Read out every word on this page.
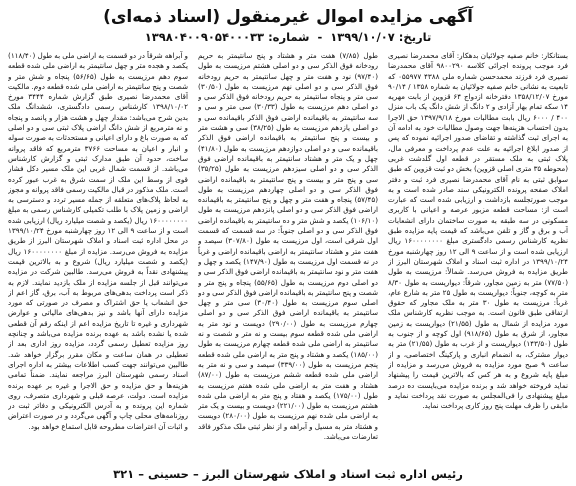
آگهی مزایده اموال غیرمنقول (اسناد ذمه‌ای)
تاریخ: ۱۳۹۹/۱۰/۰۷ - شماره: ۱۳۹۸۰۴۰۰۹۰۵۴۰۰۰۳۳
بستانکار: خانم صفیه جولائیان بدهکار: آقای محمدرضا نصیری فرد موجب پرونده اجرائی کلاسه ۹۸۰۰۲۹۰ آقای محمدرضا نصیری فرد فرزند محمدحسن شماره ملی ۴۳۸۸ ۰۵۵۹۷۷ که تابعیت به نشانی خانم صفیه جولائیان به شماره ۱۳۵۸ / ۹۰/۱۴ مورخ ۱۳۵۸/۱۲/۰۷ دفترخانه ازدواج ۶۴ قزوین از بابت مهریه ۱۴ سکه تمام بهار آزادی و ۲ دانگ از شش دانگ یک باب منزل ۴۰۰ / ۶۰۰۰ ریال بابت مطالبات مورخ ۱۳۹۷/۹/۱۸ حق الاجرا بدون احتساب هزینه‌ها جهت وصول مطالبات خود به ادامه آن به اجرای ثبت گذاشته و تقاضای صدور اجرائیه نموده که پس از صدور ابلاغ اجرائیه به علت عدم پرداخت و معرفی مال، پلاک ثبتی به ملک مستقر در قطعه اول گلدشت غربی (محوطه ۳۵ متری اصلی قزوین) بخش دو ثبت قزوین که طبق سوابق ثبتی به نام آقای محمدرضا نصیری فرد ثبت و دفتر املاک صفحه پرونده الکترونیکی سند صادر شده است و به موجب صورتجلسه بازداشت و ارزیابی شده است که عبارت است از: مساحت قطعه مزبور عرصه و اعیانی با کاربری مسکونی در سه طبقه به صورت ساختمان دارای انشعابات آب و برق و گاز و تلفن می‌باشد که قیمت پایه مزایده طبق نظریه کارشناس رسمی دادگستری مبلغ ۱۶۰۰۰۰۰۰۰۰ ریال ارزیابی شده است و از ساعت ۹ الی ۱۲ روز چهارشنبه مورخ ۱۳۹۹/۱۰/۲۴ در اداره ثبت اسناد و املاک شهرستان البرز از طریق مزایده به فروش می‌رسد. شمالاً: مرزیست به طول (۷۷/۵۰) متر به زمین مجاور، شرقاً: دیواریست به طول ۸/۳۰ متر به کوچه، جنوباً: دیواریست به طول ۲۵ متر به شارع عام، غرباً: مرزیست به طول ۳۰ متر به ملک مجاور که حقوق ارتفاقی طبق قانون است. به موجب نظریه کارشناس ملک مورد مزایده از شمال به طول (۲۱/۵۵) دیواریست به زمین مجاور، از شرق به طول (۹۱۸/۶۵) اول کوچه و از جنوب به طول (۱۴۳/۵۰) دیواریست و از غرب به طول (۲۱/۵۵) متر به دیوار مشترک، به انضمام انباری و پارکینگ اختصاصی، و از ساعت ۹ صبح مورد مزایده به فروش می‌رسد و مزایده از مبلغ پایه شروع و به هر کس که بالاترین قیمت را پیشنهاد نماید فروخته خواهد شد و برنده مزایده می‌بایست ده درصد مبلغ پیشنهادی را فی‌المجلس به صورت نقد پرداخت نماید و مابقی را ظرف مهلت پنج روز کاری پرداخت نماید.
طول (۷/۸۵) هفت متر و هشتاد و پنج سانتیمتر به حریم رودخانه فوق الذکر سی و دو اصلی هشتم مرزیست به طول (۹۷/۴۰) نود و هفت متر و چهل سانتیمتر به حریم رودخانه فوق الذکر سی و دو اصلی نهم مرزیست به طول (۳۰/۵۰) سی متر و پنجاه سانتیمتر به حریم رودخانه فوق الذکر سی و دو اصلی دهم مرزیست به طول (۳۰/۳۳) سی متر و سی و سه سانتیمتر به باقیمانده اراضی فوق الذکر باقیمانده سی و دو اصلی یازدهم مرزیست به طول (۳۸/۲۵) سی و هشت متر و بیست و پنج سانتیمتر به باقیمانده اراضی فوق الذکر باقیمانده سی و دو اصلی دوازدهم مرزیست به طول (۴۱/۸۰) چهل و یک متر و هشتاد سانتیمتر به باقیمانده اراضی فوق الذکر سی و دو اصلی سیزدهم مرزیست به طول (۳۵/۲۵) سی و پنج متر و بیست و پنج سانتیمتر به باقیمانده اراضی فوق الذکر سی و دو اصلی چهاردهم مرزیست به طول (۵۷/۴۵) پنجاه و هفت متر و چهل و پنج سانتیمتر به باقیمانده اراضی فوق الذکر سی و دو اصلی پانزدهم مرزیست به طول (۱۰۶/۱۰) یکصد و شش متر و ده سانتیمتر به باقیمانده اراضی فوق الذکر سی و دو اصلی جنوباً: در سه قسمت که قسمت اول شرقی است، اول مرزیست به طول (۳۰۷/۸۰) سیصد و هفت متر و هشتاد سانتیمتر به اراضی باقیمانده اراضی و غرباً در نه قسمت اول مرزیست به طول (۱۴۷/۹۰) یکصد و چهل و هفت متر و نود سانتیمتر به باقیمانده اراضی فوق الذکر سی و دو اصلی دوم مرزیست به طول (۵۵/۶۵) پنجاه و پنج متر و شصت و پنج سانتیمتر به باقیمانده اراضی فوق الذکر سی و دو اصلی سوم مرزیست به طول (۳۰/۴۰) سی متر و چهل سانتیمتر به باقیمانده اراضی فوق الذکر سی و دو اصلی چهارم مرزیست به طول (۲۹۰/۰۰) دویست و نود متر به اراضی ملی شده قطعه سوم بیست و نه متر و شصت و نه سانتیمتر به اراضی ملی شده قطعه چهارم مرزیست به طول (۱۸۵/۰۰) یکصد و هشتاد و پنج متر به اراضی ملی شده قطعه پنجم مرزیست به طول (۳۳۹/۰۰) سیصد و سی و نه متر به اراضی ملی شده قطعه ششم مرزیست به طول (۸۷/۰۰) هشتاد و هفت متر به اراضی ملی شده هفتم مرزیست به طول (۱۷۵/۰۰) یکصد و هفتاد و پنج متر به اراضی ملی شده هشتم مرزیست به طول (۲۲۱/۰۰) دویست و بیست و یک متر به اراضی ملی شده نهم مرزیست به طول (۲۸۰/۰۰) دویست و هشتاد متر به مسیل و آبراهه و از نظر ثبتی ملک مذکور فاقد تعارضات می‌باشد.
و آبراهه شرقاً در دو قسمت به اراضی ملی به طول (۱۱۸/۴۰) یکصد و هجده متر و چهل سانتیمتر به اراضی ملی شده قطعه سوم دهم مرزیست به طول (۵۶/۶۵) پنجاه و شش متر و شصت و پنج سانتیمتر به اراضی ملی شده قطعه دوم. مالکیت آقای محمدرضا نصیری طبق گزارش شماره ۳۴۴۴ مورخ ۱۳۹۸/۱۰/۰۲ کارشناس رسمی دادگستری، ششدانگ ملک بدین شرح می‌باشد: مقدار چهل و هشت هزار و پانصد و پنجاه و نه مترمربع از شش دانگ اراضی پلاک ثبتی سی و دو اصلی که به صورت باغ و دارای اعیانی و مستحدثات به صورت سوله و انبار و اعیان به مساحت ۳۷۶۶ مترمربع که فاقد پروانه ساخت، حدود آن طبق مدارک ثبتی و گزارش کارشناس می‌باشد. از قسمت شمال غربی این ملک مسیر دکل فشار قوی از وسط این ملک از سمت شرق به غرب عبور کرده است. ملک مذکور در قبال مالکیت رسمی فاقد پروانه و مجوز به لحاظ پلاک‌های متعلقه از جمله مسیر تردد و دسترسی به اراضی و زمین پلاک با طلب تکمیلی کارشناس رسمی به مبلغ ۱۶۰۰۰۰۰۰۰۰ ریال (یکصد و شصت میلیارد ریال) ارزیابی شده است و از ساعت ۹ الی ۱۲ روز چهارشنبه مورخ ۱۳۹۹/۱۰/۲۴ در محل اداره ثبت اسناد و املاک شهرستان البرز از طریق مزایده به فروش می‌رسد. مزایده از مبلغ ۱۶۰۰۰۰۰۰۰۰ ریال (یکصد و شصت میلیارد ریال) شروع و به بالاترین قیمت پیشنهادی نقداً به فروش می‌رسد. طالبین شرکت در مزایده می‌توانند قبل از جلسه مزایده از ملک بازدید نمایند. لازم به ذکر است پرداخت بدهی‌های مربوط به آب، برق، گاز اعم از حق انشعاب یا حق اشتراک و مصرف در صورتی که مورد مزایده دارای آنها باشد و نیز بدهی‌های مالیاتی و عوارض شهرداری و غیره تا تاریخ مزایده اعم از اینکه رقم آن قطعی شده یا نشده باشد به عهده برنده مزایده می‌باشد و چنانچه روز مزایده تعطیل رسمی گردد، مزایده روز اداری بعد از تعطیلی در همان ساعت و مکان مقرر برگزار خواهد شد. طالبین می‌توانند جهت کسب اطلاعات بیشتر به اداره اجرای اسناد رسمی شهرستان البرز مراجعه نمایند. ضمناً تمامی هزینه‌ها و حق مزایده و حق الاجرا و غیره بر عهده برنده مزایده است. دولت، عرصه قبلی و شهرداری متصرف، روی شماره این پرونده و به آدرس الکترونیکی و دفاتر ثبت در روزنامه‌های محلی چاپ و آگهی می‌گردد و در صورت اعتراض و اثبات آن اعتراضات مطروحه قابل استماع خواهد بود.
رئیس اداره ثبت اسناد و املاک شهرستان البرز – حسینی – ۳۲۱
